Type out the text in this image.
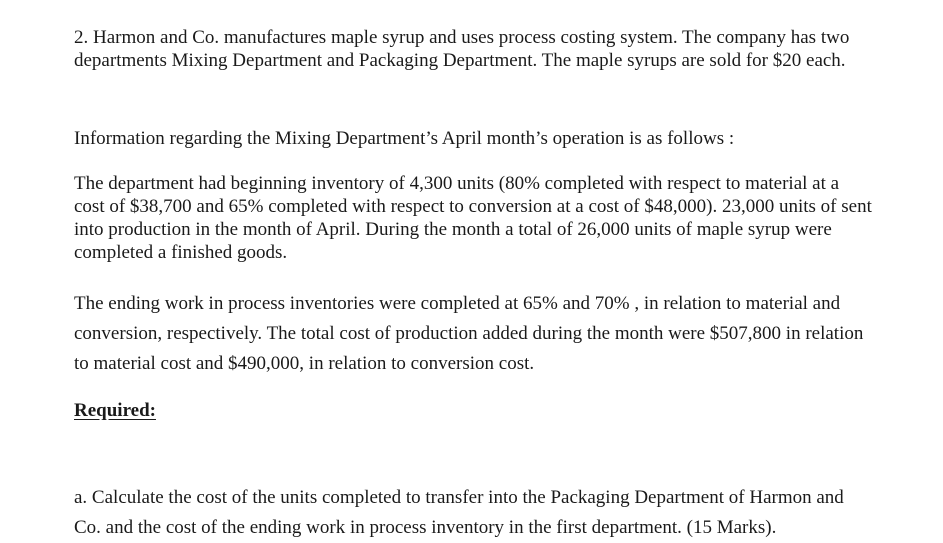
2. Harmon and Co. manufactures maple syrup and uses process costing system. The company has two departments Mixing Department and Packaging Department. The maple syrups are sold for $20 each.

Information regarding the Mixing Department’s April month’s operation is as follows :

The department had beginning inventory of 4,300 units (80% completed with respect to material at a cost of $38,700 and 65% completed with respect to conversion at a cost of $48,000). 23,000 units of sent into production in the month of April. During the month a total of 26,000 units of maple syrup were completed a finished goods.

The ending work in process inventories were completed at 65% and 70% , in relation to material and conversion, respectively. The total cost of production added during the month were $507,800 in relation to material cost and $490,000, in relation to conversion cost.

Required:

a. Calculate the cost of the units completed to transfer into the Packaging Department of Harmon and Co. and the cost of the ending work in process inventory in the first department. (15 Marks).
